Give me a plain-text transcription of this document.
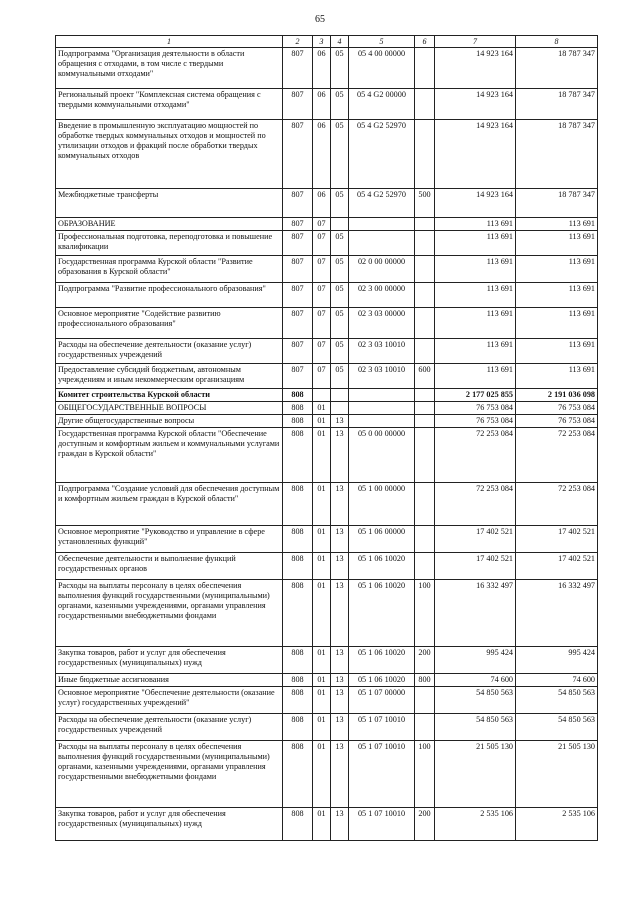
65
1	2	3	4	5	6	7	8
Подпрограмма "Организация деятельности в области обращения с отходами, в том числе с твердыми коммунальными отходами"	807	06	05	05 4 00 00000		14 923 164	18 787 347
Региональный проект "Комплексная система обращения с твердыми коммунальными отходами"	807	06	05	05 4 G2 00000		14 923 164	18 787 347
Введение в промышленную эксплуатацию мощностей по обработке твердых коммунальных отходов и мощностей по утилизации отходов и фракций после обработки твердых коммунальных отходов	807	06	05	05 4 G2 52970		14 923 164	18 787 347
Межбюджетные трансферты	807	06	05	05 4 G2 52970	500	14 923 164	18 787 347
ОБРАЗОВАНИЕ	807	07				113 691	113 691
Профессиональная подготовка, переподготовка и повышение квалификации	807	07	05			113 691	113 691
Государственная программа Курской области "Развитие образования в Курской области"	807	07	05	02 0 00 00000		113 691	113 691
Подпрограмма "Развитие профессионального образования"	807	07	05	02 3 00 00000		113 691	113 691
Основное мероприятие "Содействие развитию профессионального образования"	807	07	05	02 3 03 00000		113 691	113 691
Расходы на обеспечение деятельности (оказание услуг) государственных учреждений	807	07	05	02 3 03 10010		113 691	113 691
Предоставление субсидий бюджетным, автономным учреждениям и иным некоммерческим организациям	807	07	05	02 3 03 10010	600	113 691	113 691
Комитет строительства Курской области	808					2 177 025 855	2 191 036 098
ОБЩЕГОСУДАРСТВЕННЫЕ ВОПРОСЫ	808	01				76 753 084	76 753 084
Другие общегосударственные вопросы	808	01	13			76 753 084	76 753 084
Государственная программа Курской области "Обеспечение доступным и комфортным жильем и коммунальными услугами граждан в Курской области"	808	01	13	05 0 00 00000		72 253 084	72 253 084
Подпрограмма "Создание условий для обеспечения доступным и комфортным жильем граждан в Курской области"	808	01	13	05 1 00 00000		72 253 084	72 253 084
Основное мероприятие "Руководство и управление в сфере установленных функций"	808	01	13	05 1 06 00000		17 402 521	17 402 521
Обеспечение деятельности и выполнение функций государственных органов	808	01	13	05 1 06 10020		17 402 521	17 402 521
Расходы на выплаты персоналу в целях обеспечения выполнения функций государственными (муниципальными) органами, казенными учреждениями, органами управления государственными внебюджетными фондами	808	01	13	05 1 06 10020	100	16 332 497	16 332 497
Закупка товаров, работ и услуг для обеспечения государственных (муниципальных) нужд	808	01	13	05 1 06 10020	200	995 424	995 424
Иные бюджетные ассигнования	808	01	13	05 1 06 10020	800	74 600	74 600
Основное мероприятие "Обеспечение деятельности (оказание услуг) государственных учреждений"	808	01	13	05 1 07 00000		54 850 563	54 850 563
Расходы на обеспечение деятельности (оказание услуг) государственных учреждений	808	01	13	05 1 07 10010		54 850 563	54 850 563
Расходы на выплаты персоналу в целях обеспечения выполнения функций государственными (муниципальными) органами, казенными учреждениями, органами управления государственными внебюджетными фондами	808	01	13	05 1 07 10010	100	21 505 130	21 505 130
Закупка товаров, работ и услуг для обеспечения государственных (муниципальных) нужд	808	01	13	05 1 07 10010	200	2 535 106	2 535 106
